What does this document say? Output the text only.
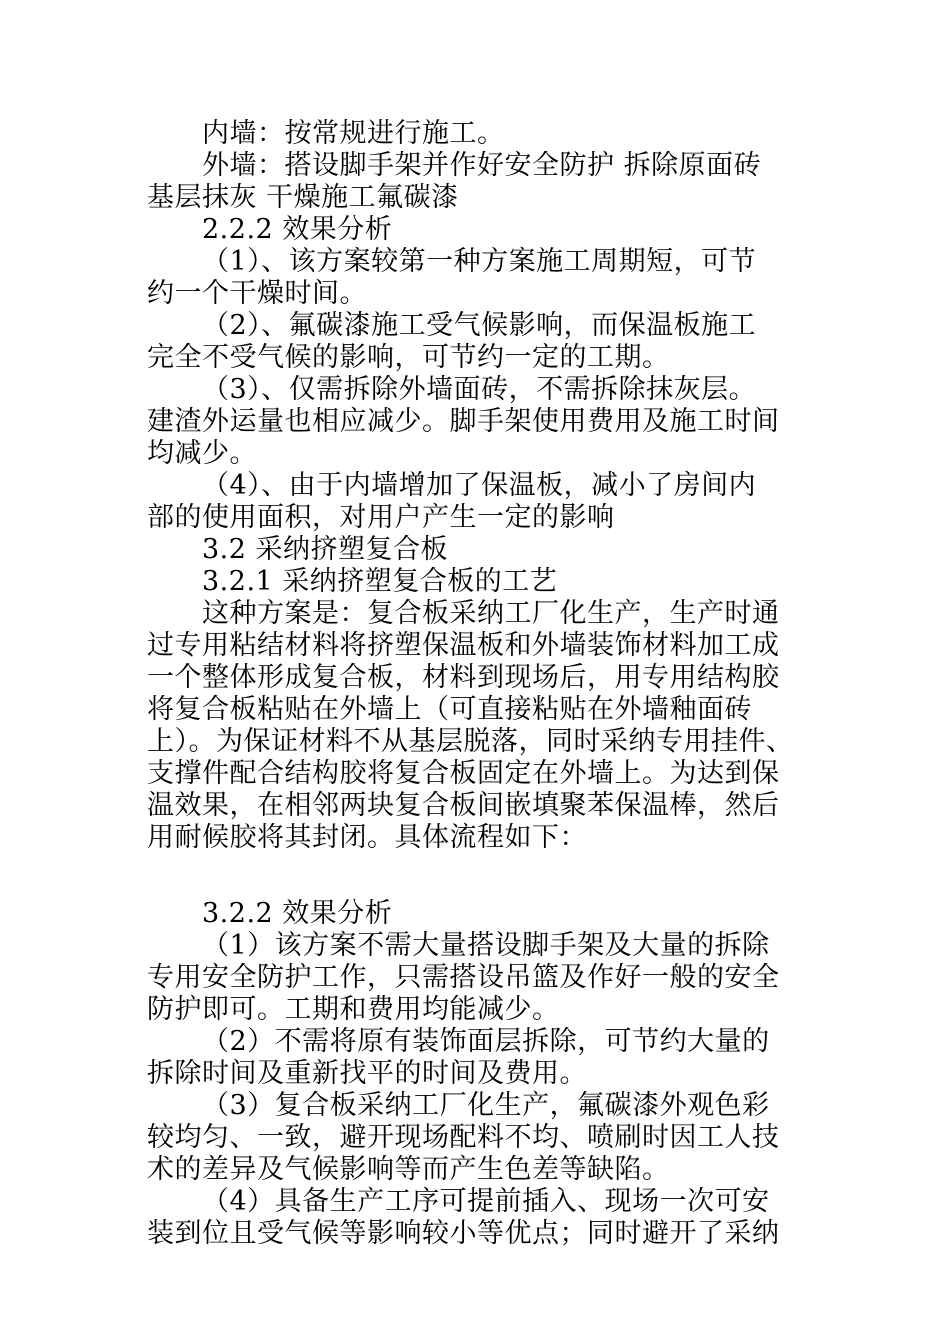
内墙：按常规进行施工。
外墙：搭设脚手架并作好安全防护 拆除原面砖
基层抹灰 干燥施工氟碳漆
2.2.2 效果分析
（1）、该方案较第一种方案施工周期短，可节
约一个干燥时间。
（2）、氟碳漆施工受气候影响，而保温板施工
完全不受气候的影响，可节约一定的工期。
（3）、仅需拆除外墙面砖，不需拆除抹灰层。
建渣外运量也相应减少。脚手架使用费用及施工时间
均减少。
（4）、由于内墙增加了保温板，减小了房间内
部的使用面积，对用户产生一定的影响
3.2 采纳挤塑复合板
3.2.1 采纳挤塑复合板的工艺
这种方案是：复合板采纳工厂化生产，生产时通
过专用粘结材料将挤塑保温板和外墙装饰材料加工成
一个整体形成复合板，材料到现场后，用专用结构胶
将复合板粘贴在外墙上（可直接粘贴在外墙釉面砖
上）。为保证材料不从基层脱落，同时采纳专用挂件、
支撑件配合结构胶将复合板固定在外墙上。为达到保
温效果，在相邻两块复合板间嵌填聚苯保温棒，然后
用耐候胶将其封闭。具体流程如下：
3.2.2 效果分析
（1）该方案不需大量搭设脚手架及大量的拆除
专用安全防护工作，只需搭设吊篮及作好一般的安全
防护即可。工期和费用均能减少。
（2）不需将原有装饰面层拆除，可节约大量的
拆除时间及重新找平的时间及费用。
（3）复合板采纳工厂化生产，氟碳漆外观色彩
较均匀、一致，避开现场配料不均、喷刷时因工人技
术的差异及气候影响等而产生色差等缺陷。
（4）具备生产工序可提前插入、现场一次可安
装到位且受气候等影响较小等优点；同时避开了采纳
